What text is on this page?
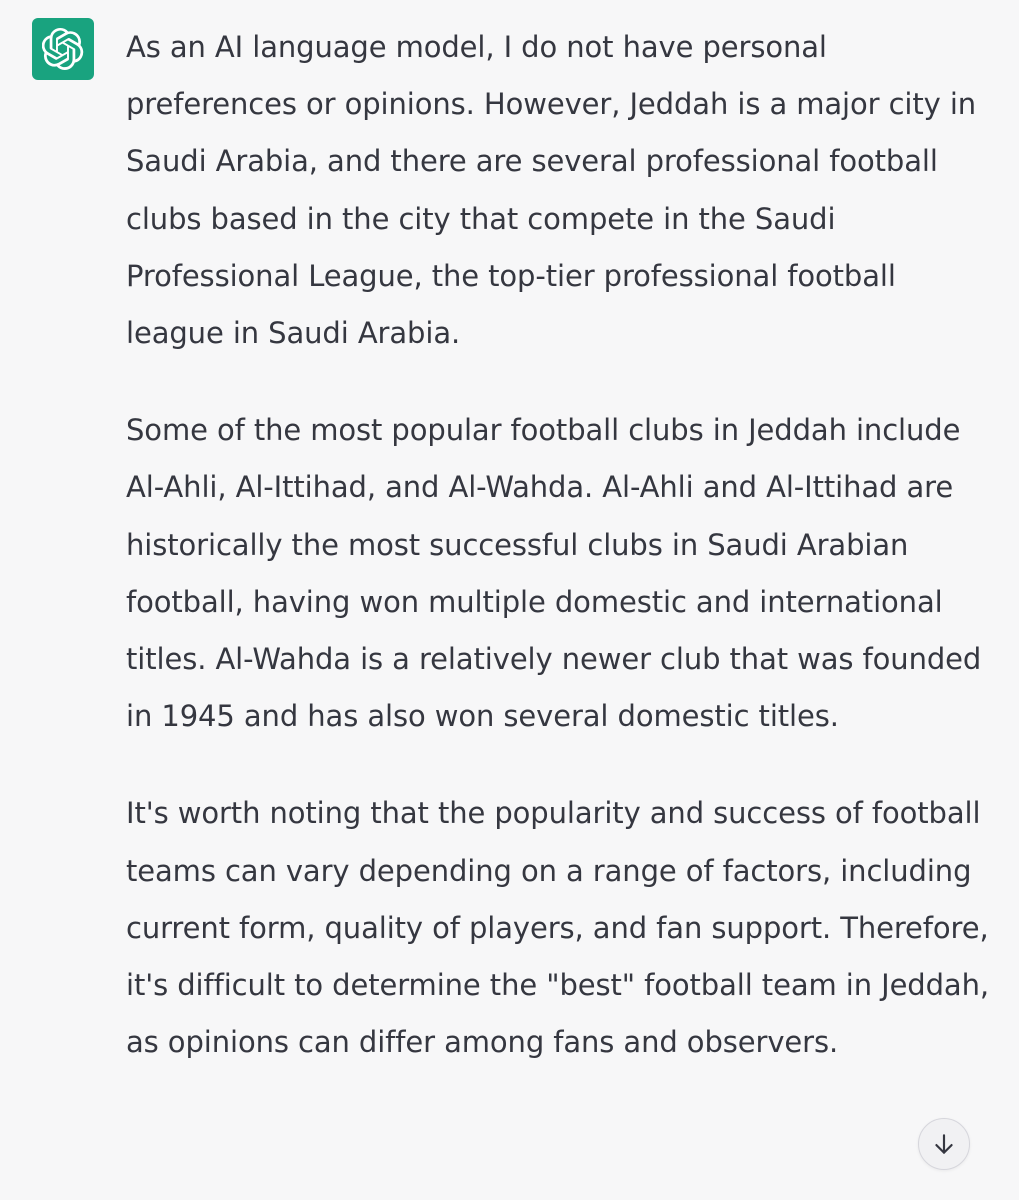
As an AI language model, I do not have personal preferences or opinions. However, Jeddah is a major city in Saudi Arabia, and there are several professional football clubs based in the city that compete in the Saudi Professional League, the top-tier professional football league in Saudi Arabia.

Some of the most popular football clubs in Jeddah include Al-Ahli, Al-Ittihad, and Al-Wahda. Al-Ahli and Al-Ittihad are historically the most successful clubs in Saudi Arabian football, having won multiple domestic and international titles. Al-Wahda is a relatively newer club that was founded in 1945 and has also won several domestic titles.

It's worth noting that the popularity and success of football teams can vary depending on a range of factors, including current form, quality of players, and fan support. Therefore, it's difficult to determine the "best" football team in Jeddah, as opinions can differ among fans and observers.
